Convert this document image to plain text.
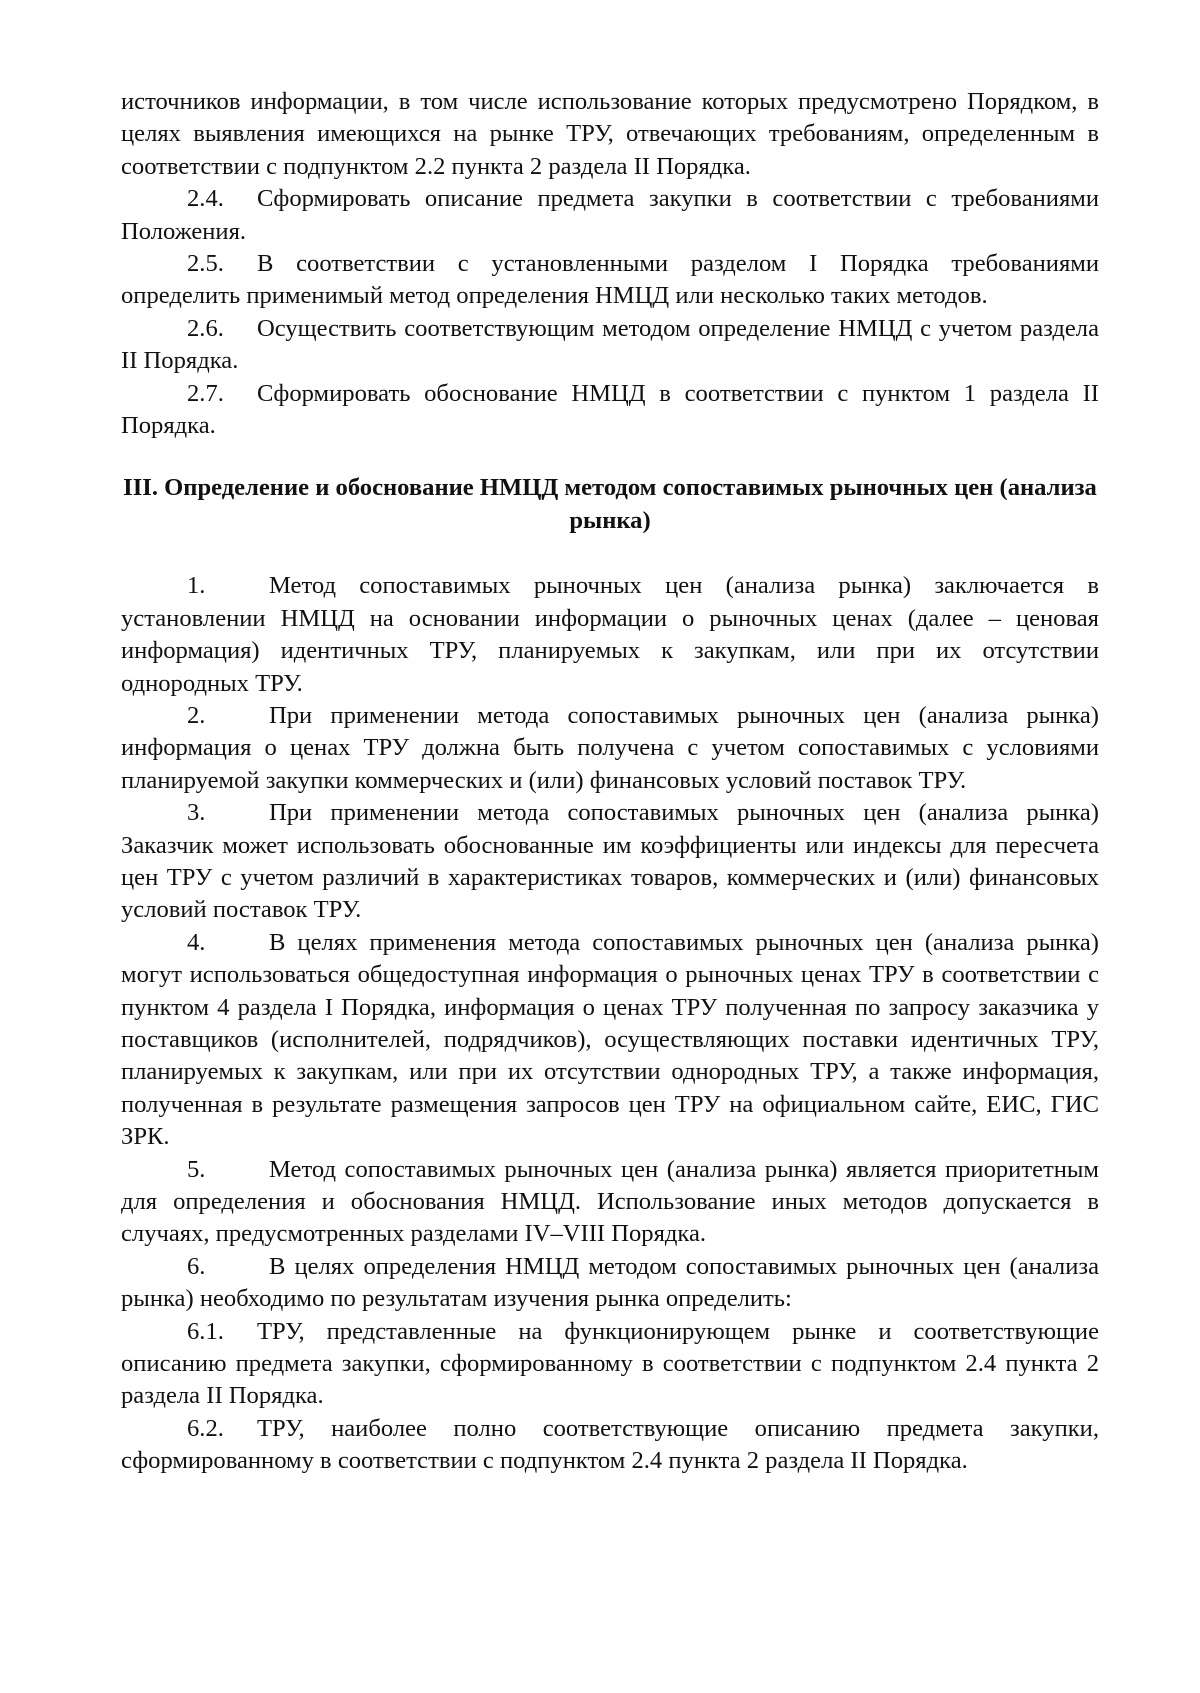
источников информации, в том числе использование которых предусмотрено Порядком, в целях выявления имеющихся на рынке ТРУ, отвечающих требованиям, определенным в соответствии с подпунктом 2.2 пункта 2 раздела II Порядка.

2.4. Сформировать описание предмета закупки в соответствии с требованиями Положения.

2.5. В соответствии с установленными разделом I Порядка требованиями определить применимый метод определения НМЦД или несколько таких методов.

2.6. Осуществить соответствующим методом определение НМЦД с учетом раздела II Порядка.

2.7. Сформировать обоснование НМЦД в соответствии с пунктом 1 раздела II Порядка.

III. Определение и обоснование НМЦД методом сопоставимых рыночных цен (анализа рынка)

1.	Метод сопоставимых рыночных цен (анализа рынка) заключается в установлении НМЦД на основании информации о рыночных ценах (далее – ценовая информация) идентичных ТРУ, планируемых к закупкам, или при их отсутствии однородных ТРУ.

2.	При применении метода сопоставимых рыночных цен (анализа рынка) информация о ценах ТРУ должна быть получена с учетом сопоставимых с условиями планируемой закупки коммерческих и (или) финансовых условий поставок ТРУ.

3.	При применении метода сопоставимых рыночных цен (анализа рынка) Заказчик может использовать обоснованные им коэффициенты или индексы для пересчета цен ТРУ с учетом различий в характеристиках товаров, коммерческих и (или) финансовых условий поставок ТРУ.

4.	В целях применения метода сопоставимых рыночных цен (анализа рынка) могут использоваться общедоступная информация о рыночных ценах ТРУ в соответствии с пунктом 4 раздела I Порядка, информация о ценах ТРУ полученная по запросу заказчика у поставщиков (исполнителей, подрядчиков), осуществляющих поставки идентичных ТРУ, планируемых к закупкам, или при их отсутствии однородных ТРУ, а также информация, полученная в результате размещения запросов цен ТРУ на официальном сайте, ЕИС, ГИС ЗРК.

5.	Метод сопоставимых рыночных цен (анализа рынка) является приоритетным для определения и обоснования НМЦД. Использование иных методов допускается в случаях, предусмотренных разделами IV–VIII Порядка.

6.	В целях определения НМЦД методом сопоставимых рыночных цен (анализа рынка) необходимо по результатам изучения рынка определить:

6.1. ТРУ, представленные на функционирующем рынке и соответствующие описанию предмета закупки, сформированному в соответствии с подпунктом 2.4 пункта 2 раздела II Порядка.

6.2. ТРУ, наиболее полно соответствующие описанию предмета закупки, сформированному в соответствии с подпунктом 2.4 пункта 2 раздела II Порядка.
